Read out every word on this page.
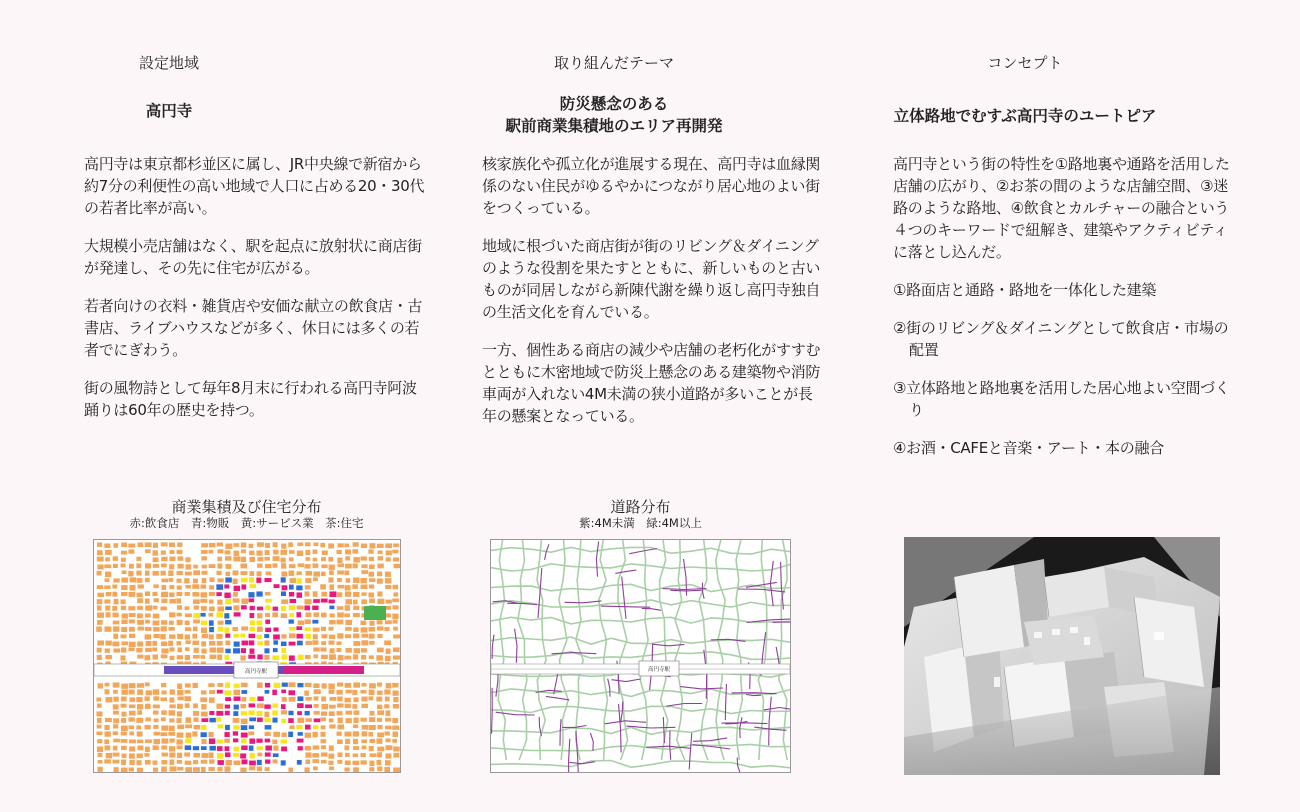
設定地域
高円寺

高円寺は東京都杉並区に属し、JR中央線で新宿から約7分の利便性の高い地域で人口に占める20・30代の若者比率が高い。

大規模小売店舗はなく、駅を起点に放射状に商店街が発達し、その先に住宅が広がる。

若者向けの衣料・雑貨店や安価な献立の飲食店・古書店、ライブハウスなどが多く、休日には多くの若者でにぎわう。

街の風物詩として毎年8月末に行われる高円寺阿波踊りは60年の歴史を持つ。

取り組んだテーマ
防災懸念のある
駅前商業集積地のエリア再開発

核家族化や孤立化が進展する現在、高円寺は血縁関係のない住民がゆるやかにつながり居心地のよい街をつくっている。

地域に根づいた商店街が街のリビング＆ダイニングのような役割を果たすとともに、新しいものと古いものが同居しながら新陳代謝を繰り返し高円寺独自の生活文化を育んでいる。

一方、個性ある商店の減少や店舗の老朽化がすすむとともに木密地域で防災上懸念のある建築物や消防車両が入れない4M未満の狭小道路が多いことが長年の懸案となっている。

コンセプト
立体路地でむすぶ高円寺のユートピア

高円寺という街の特性を①路地裏や通路を活用した店舗の広がり、②お茶の間のような店舗空間、③迷路のような路地、④飲食とカルチャーの融合という４つのキーワードで紐解き、建築やアクティビティに落とし込んだ。

①路面店と通路・路地を一体化した建築

②街のリビング＆ダイニングとして飲食店・市場の配置

③立体路地と路地裏を活用した居心地よい空間づくり

④お酒・CAFEと音楽・アート・本の融合

商業集積及び住宅分布
赤:飲食店　青:物販　黄:サービス業　茶:住宅
高円寺駅
道路分布
紫:4M未満　緑:4M以上
高円寺駅
